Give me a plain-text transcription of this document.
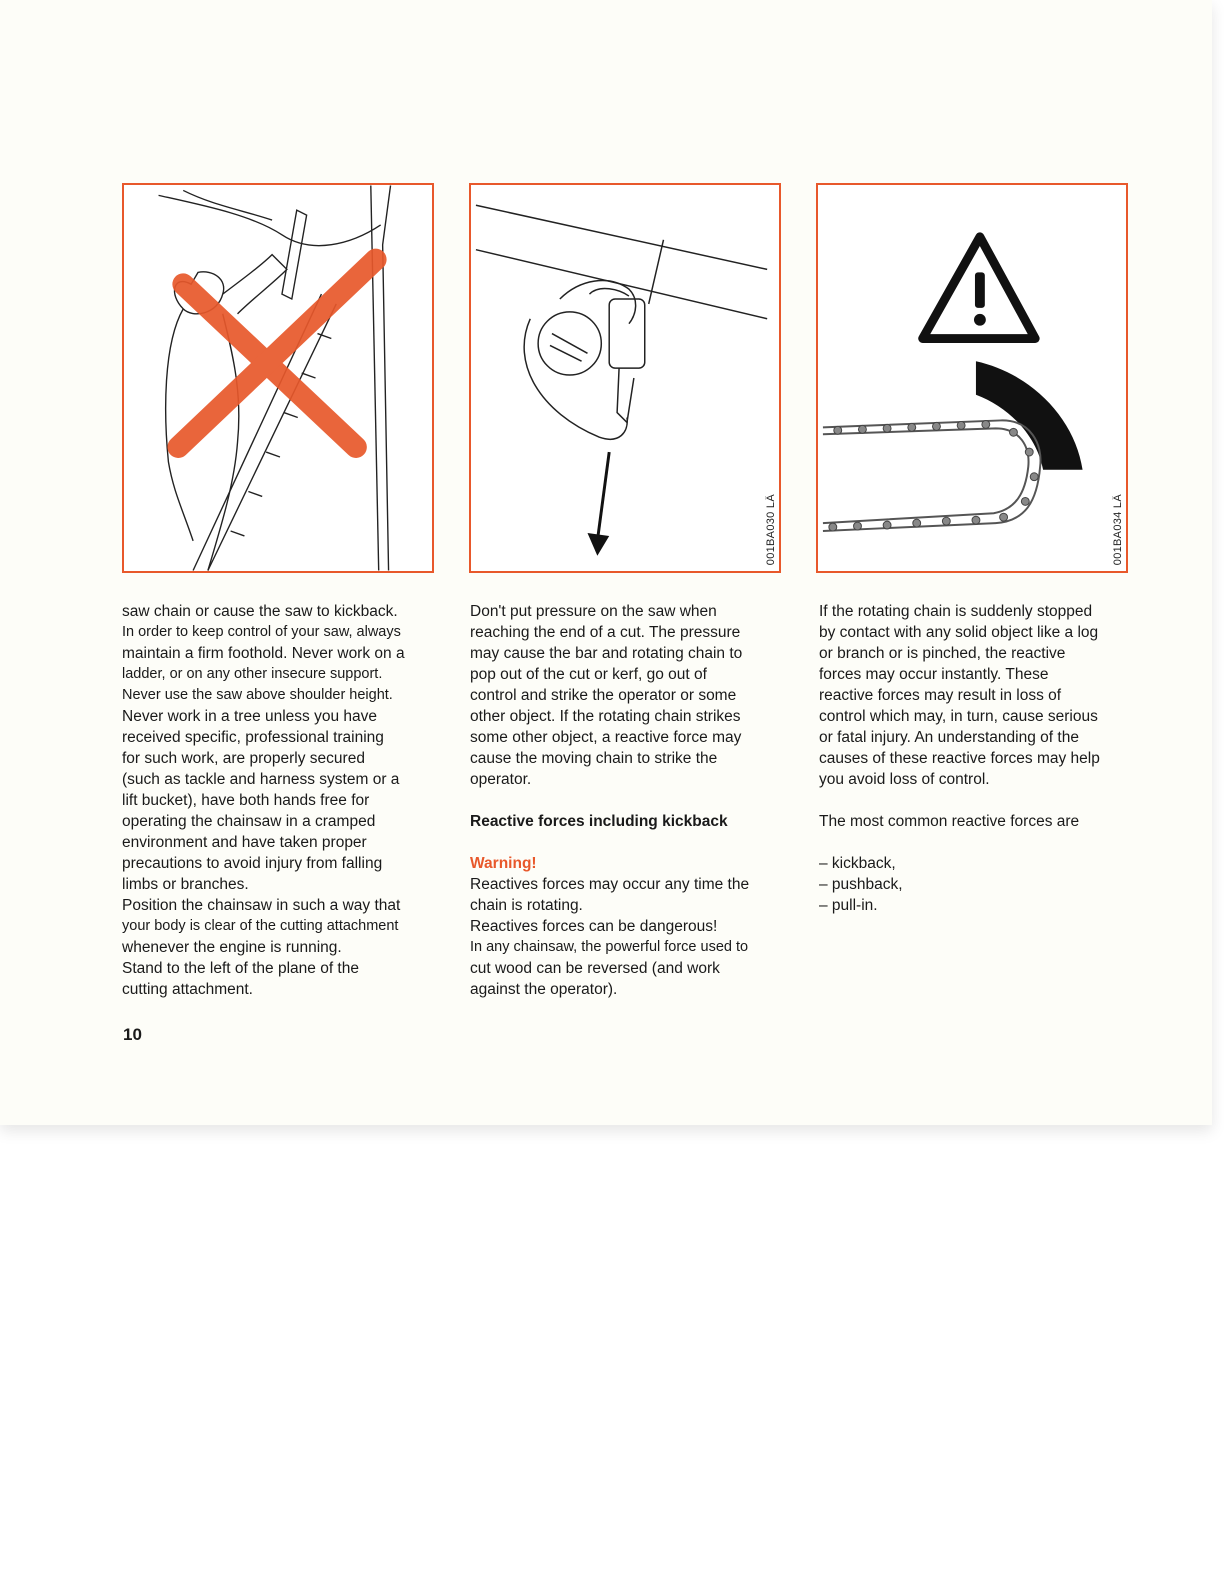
001BA030 LÄ	001BA034 LÄ

saw chain or cause the saw to kickback.

In order to keep control of your saw, always

maintain a firm foothold. Never work on a

ladder, or on any other insecure support.

Never use the saw above shoulder height.

Never work in a tree unless you have

received specific, professional training

for such work, are properly secured

(such as tackle and harness system or a

lift bucket), have both hands free for

operating the chainsaw in a cramped

environment and have taken proper

precautions to avoid injury from falling

limbs or branches.

Position the chainsaw in such a way that

your body is clear of the cutting attachment

whenever the engine is running.

Stand to the left of the plane of the

cutting attachment.

Don't put pressure on the saw when

reaching the end of a cut. The pressure

may cause the bar and rotating chain to

pop out of the cut or kerf, go out of

control and strike the operator or some

other object. If the rotating chain strikes

some other object, a reactive force may

cause the moving chain to strike the

operator.

Reactive forces including kickback

Warning!

Reactives forces may occur any time the

chain is rotating.

Reactives forces can be dangerous!

In any chainsaw, the powerful force used to

cut wood can be reversed (and work

against the operator).

If the rotating chain is suddenly stopped

by contact with any solid object like a log

or branch or is pinched, the reactive

forces may occur instantly. These

reactive forces may result in loss of

control which may, in turn, cause serious

or fatal injury. An understanding of the

causes of these reactive forces may help

you avoid loss of control.

The most common reactive forces are

– kickback,

– pushback,

– pull-in.

10
